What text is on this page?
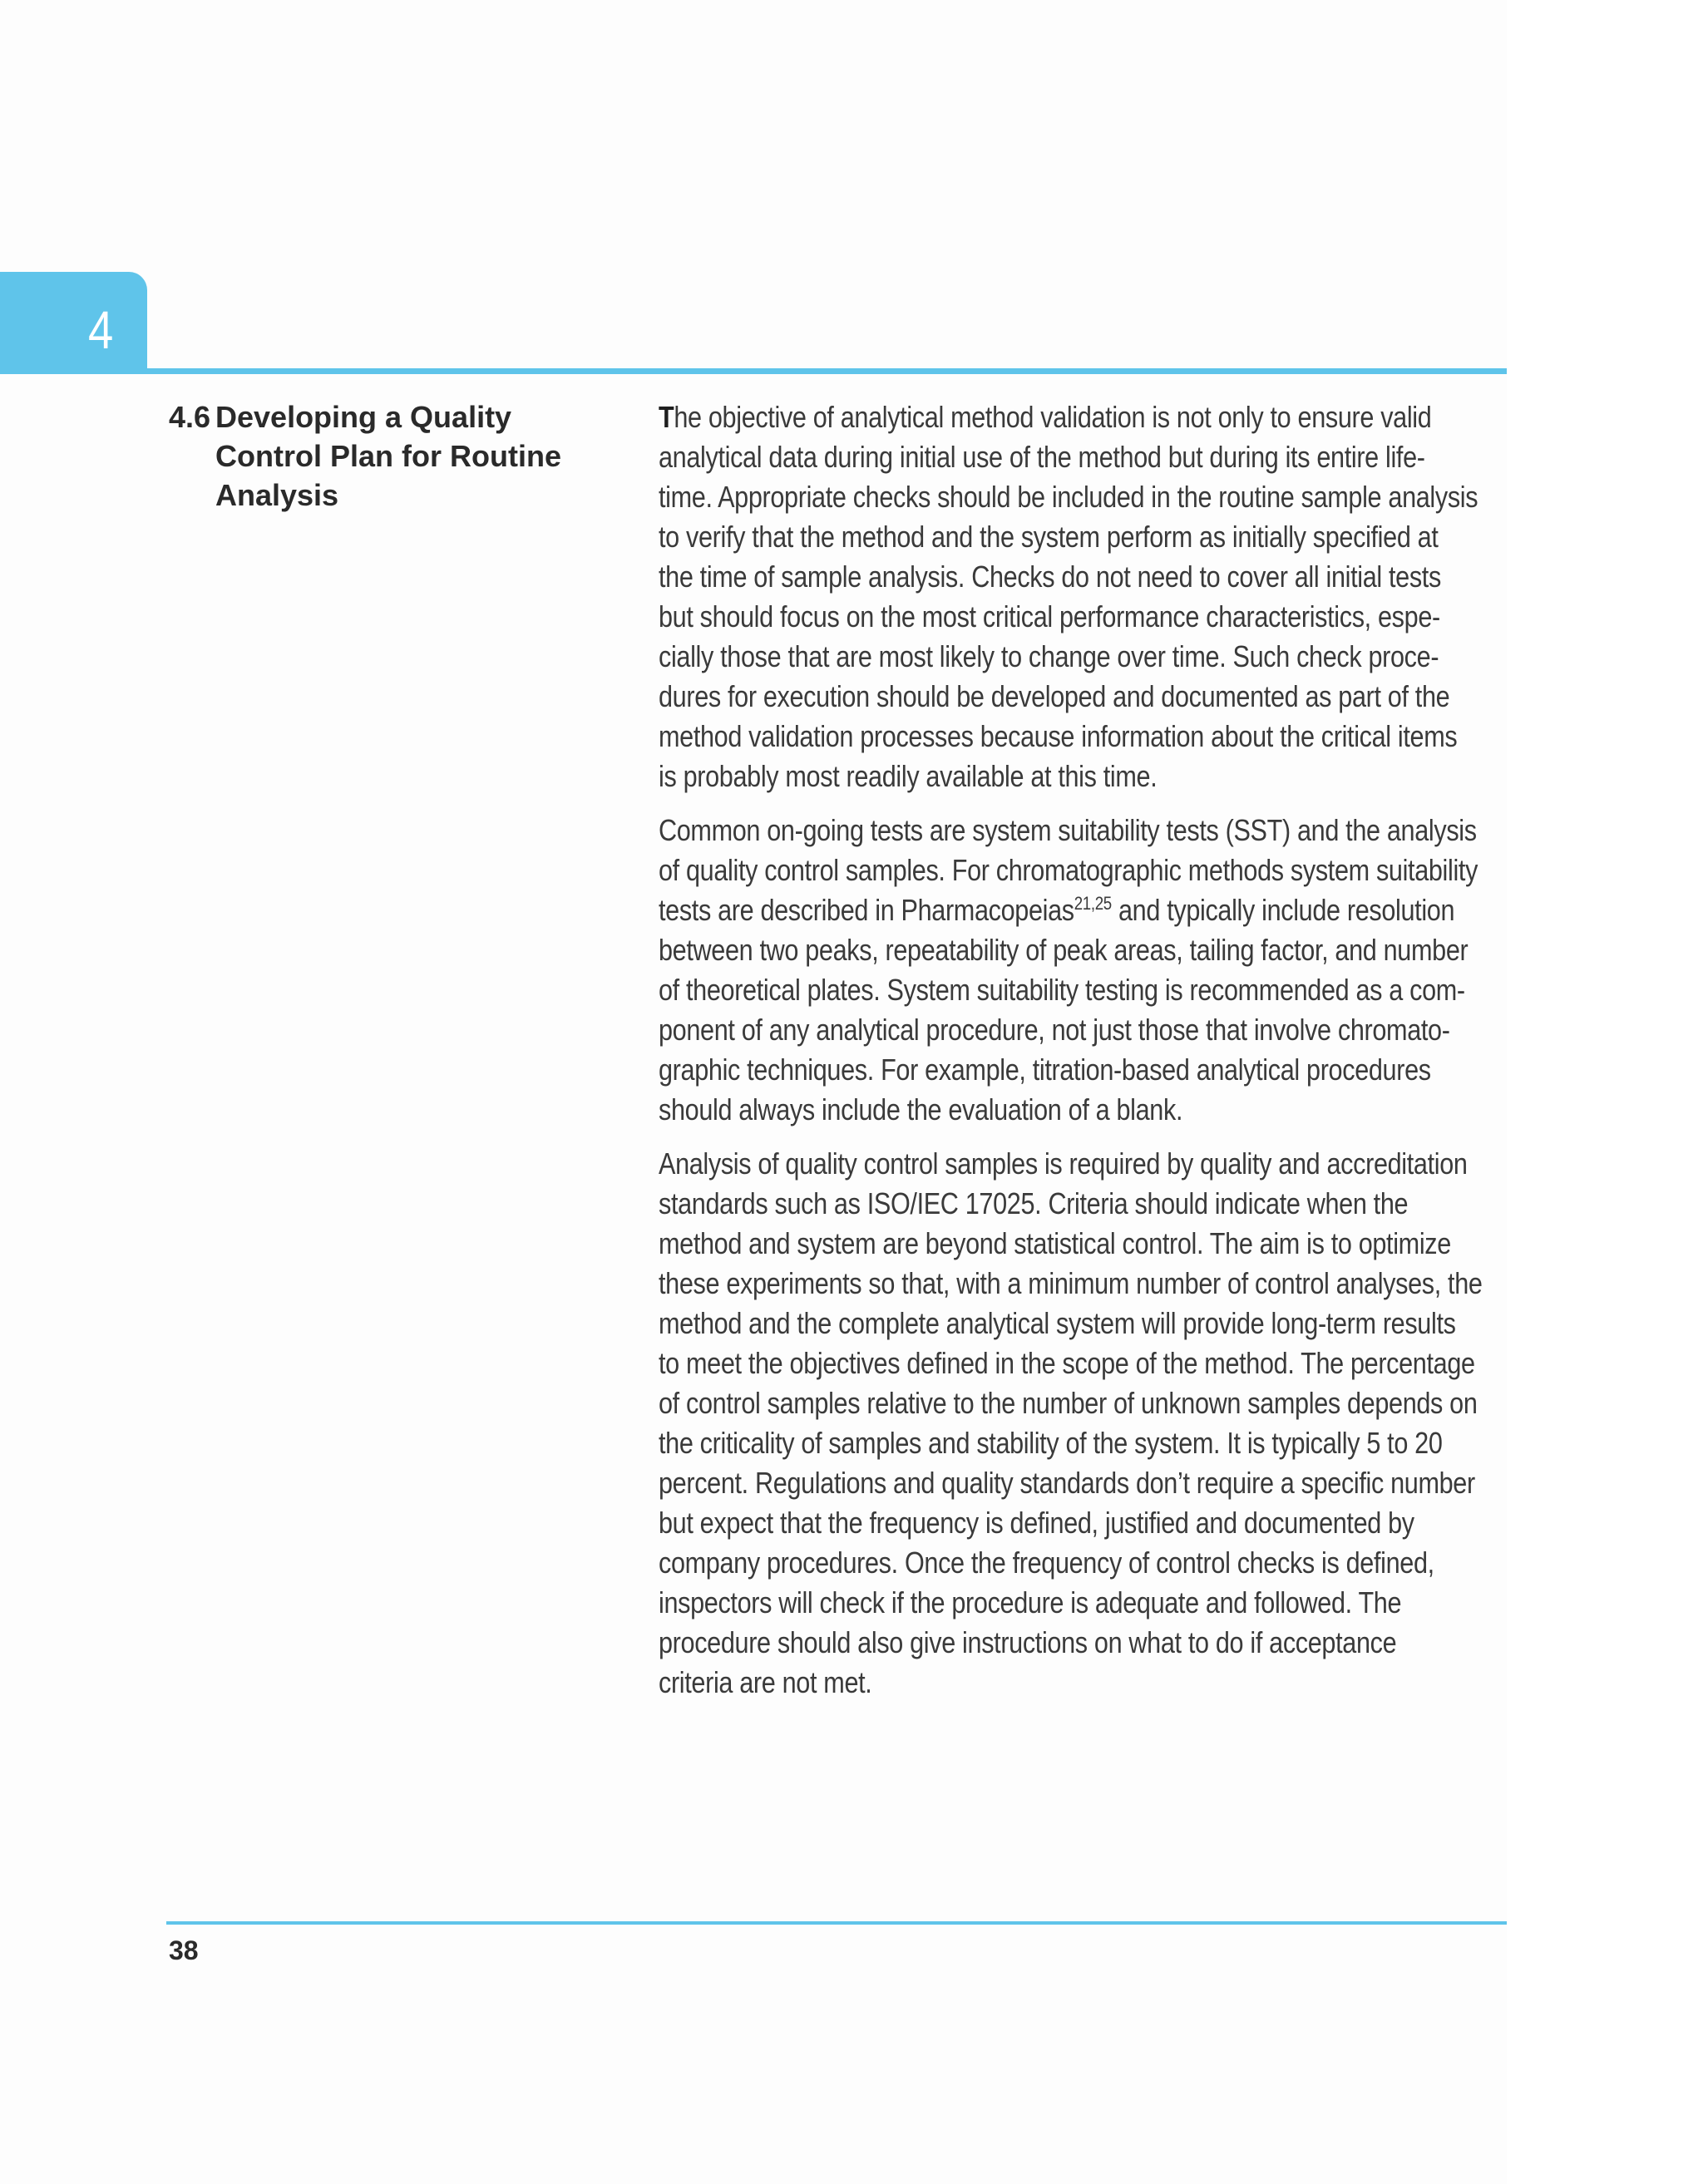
4
4.6 Developing a Quality
Control Plan for Routine
Analysis

The objective of analytical method validation is not only to ensure valid
analytical data during initial use of the method but during its entire life-
time. Appropriate checks should be included in the routine sample analysis
to verify that the method and the system perform as initially specified at
the time of sample analysis. Checks do not need to cover all initial tests
but should focus on the most critical performance characteristics, espe-
cially those that are most likely to change over time. Such check proce-
dures for execution should be developed and documented as part of the
method validation processes because information about the critical items
is probably most readily available at this time.

Common on-going tests are system suitability tests (SST) and the analysis
of quality control samples. For chromatographic methods system suitability
tests are described in Pharmacopeias$^{21,25}$ and typically include resolution
between two peaks, repeatability of peak areas, tailing factor, and number
of theoretical plates. System suitability testing is recommended as a com-
ponent of any analytical procedure, not just those that involve chromato-
graphic techniques. For example, titration-based analytical procedures
should always include the evaluation of a blank.

Analysis of quality control samples is required by quality and accreditation
standards such as ISO/IEC 17025. Criteria should indicate when the
method and system are beyond statistical control. The aim is to optimize
these experiments so that, with a minimum number of control analyses, the
method and the complete analytical system will provide long-term results
to meet the objectives defined in the scope of the method. The percentage
of control samples relative to the number of unknown samples depends on
the criticality of samples and stability of the system. It is typically 5 to 20
percent. Regulations and quality standards don’t require a specific number
but expect that the frequency is defined, justified and documented by
company procedures. Once the frequency of control checks is defined,
inspectors will check if the procedure is adequate and followed. The
procedure should also give instructions on what to do if acceptance
criteria are not met.

38
